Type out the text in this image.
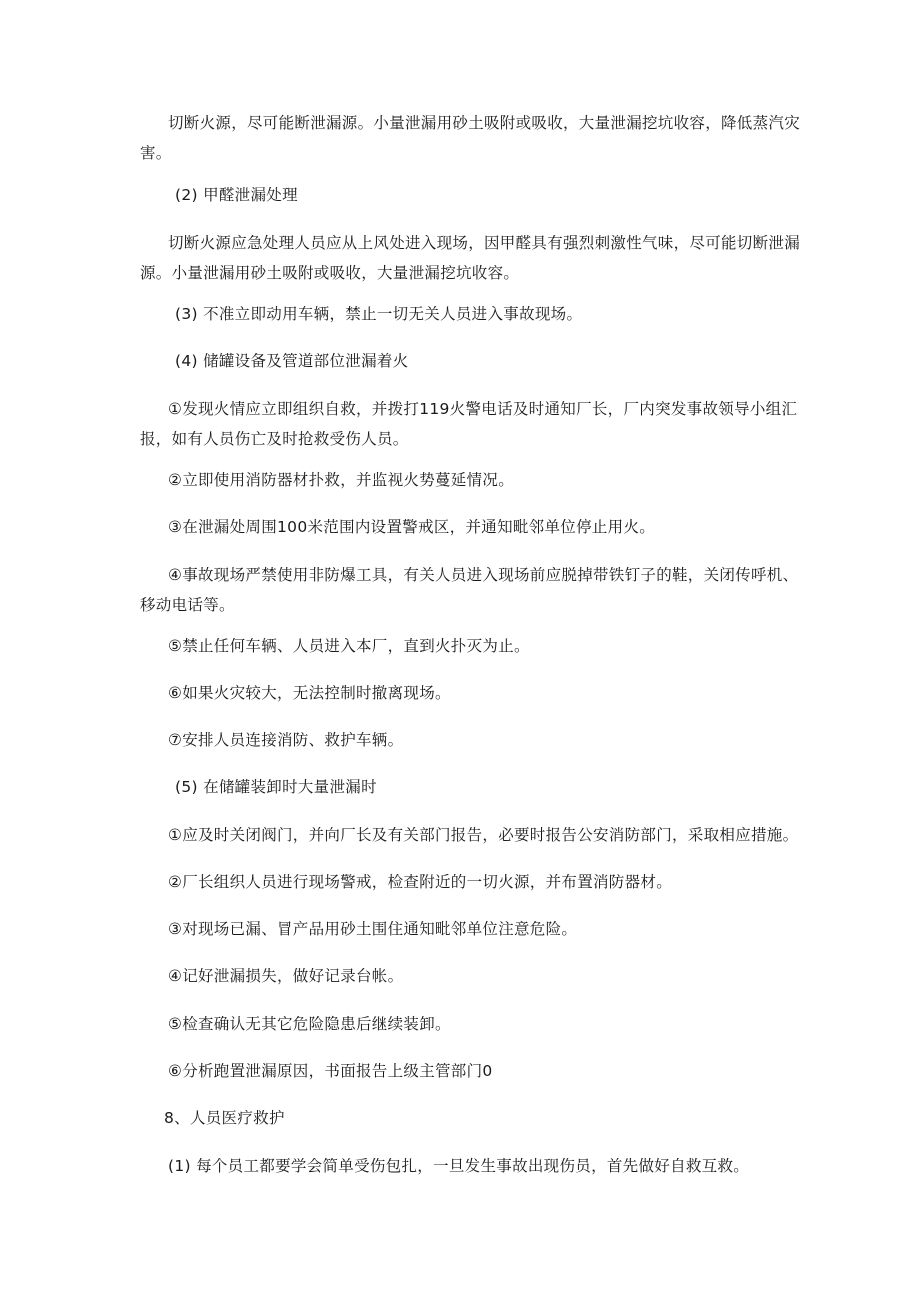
切断火源，尽可能断泄漏源。小量泄漏用砂土吸附或吸收，大量泄漏挖坑收容，降低蒸汽灾害。

(2) 甲醛泄漏处理

切断火源应急处理人员应从上风处进入现场，因甲醛具有强烈刺激性气味，尽可能切断泄漏源。小量泄漏用砂土吸附或吸收，大量泄漏挖坑收容。

(3) 不准立即动用车辆，禁止一切无关人员进入事故现场。

(4) 储罐设备及管道部位泄漏着火

①发现火情应立即组织自救，并拨打119火警电话及时通知厂长，厂内突发事故领导小组汇报，如有人员伤亡及时抢救受伤人员。

②立即使用消防器材扑救，并监视火势蔓延情况。

③在泄漏处周围100米范围内设置警戒区，并通知毗邻单位停止用火。

④事故现场严禁使用非防爆工具，有关人员进入现场前应脱掉带铁钉子的鞋，关闭传呼机、移动电话等。

⑤禁止任何车辆、人员进入本厂，直到火扑灭为止。

⑥如果火灾较大，无法控制时撤离现场。

⑦安排人员连接消防、救护车辆。

(5) 在储罐装卸时大量泄漏时

①应及时关闭阀门，并向厂长及有关部门报告，必要时报告公安消防部门，采取相应措施。

②厂长组织人员进行现场警戒，检查附近的一切火源，并布置消防器材。

③对现场已漏、冒产品用砂土围住通知毗邻单位注意危险。

④记好泄漏损失，做好记录台帐。

⑤检查确认无其它危险隐患后继续装卸。

⑥分析跑置泄漏原因，书面报告上级主管部门0

8、人员医疗救护

(1) 每个员工都要学会简单受伤包扎，一旦发生事故出现伤员，首先做好自救互救。
